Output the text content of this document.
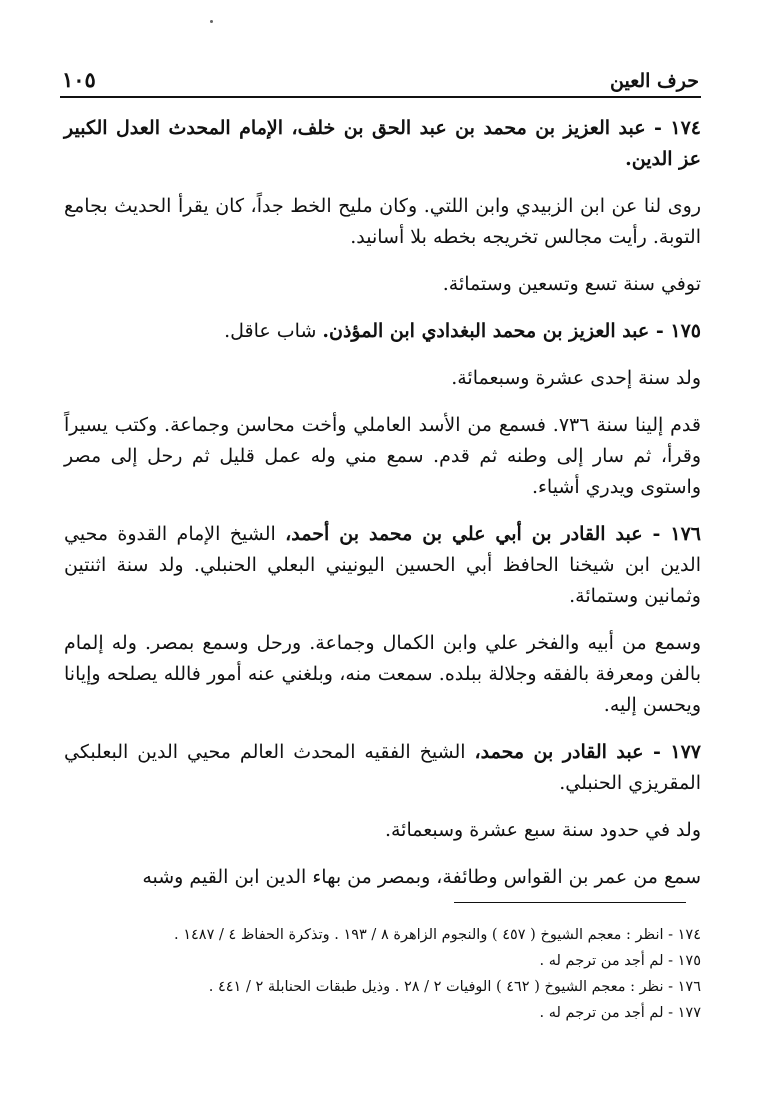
حرف العين
١٠٥

١٧٤ - عبد العزيز بن محمد بن عبد الحق بن خلف، الإمام المحدث العدل الكبير عز الدين.

روى لنا عن ابن الزبيدي وابن اللتي. وكان مليح الخط جداً، كان يقرأ الحديث بجامع التوبة. رأيت مجالس تخريجه بخطه بلا أسانيد.

توفي سنة تسع وتسعين وستمائة.

١٧٥ - عبد العزيز بن محمد البغدادي ابن المؤذن. شاب عاقل.

ولد سنة إحدى عشرة وسبعمائة.

قدم إلينا سنة ٧٣٦. فسمع من الأسد العاملي وأخت محاسن وجماعة. وكتب يسيراً وقرأ، ثم سار إلى وطنه ثم قدم. سمع مني وله عمل قليل ثم رحل إلى مصر واستوى ويدري أشياء.

١٧٦ - عبد القادر بن أبي علي بن محمد بن أحمد، الشيخ الإمام القدوة محيي الدين ابن شيخنا الحافظ أبي الحسين اليونيني البعلي الحنبلي. ولد سنة اثنتين وثمانين وستمائة.

وسمع من أبيه والفخر علي وابن الكمال وجماعة. ورحل وسمع بمصر. وله إلمام بالفن ومعرفة بالفقه وجلالة ببلده. سمعت منه، وبلغني عنه أمور فالله يصلحه وإيانا ويحسن إليه.

١٧٧ - عبد القادر بن محمد، الشيخ الفقيه المحدث العالم محيي الدين البعلبكي المقريزي الحنبلي.

ولد في حدود سنة سبع عشرة وسبعمائة.

سمع من عمر بن القواس وطائفة، وبمصر من بهاء الدين ابن القيم وشبه

١٧٤ - انظر : معجم الشيوخ ( ٤٥٧ ) والنجوم الزاهرة ٨ / ١٩٣ . وتذكرة الحفاظ ٤ / ١٤٨٧ .

١٧٥ - لم أجد من ترجم له .

١٧٦ - نظر : معجم الشيوخ ( ٤٦٢ ) الوفيات ٢ / ٢٨ . وذيل طبقات الحنابلة ٢ / ٤٤١ .

١٧٧ - لم أجد من ترجم له .
